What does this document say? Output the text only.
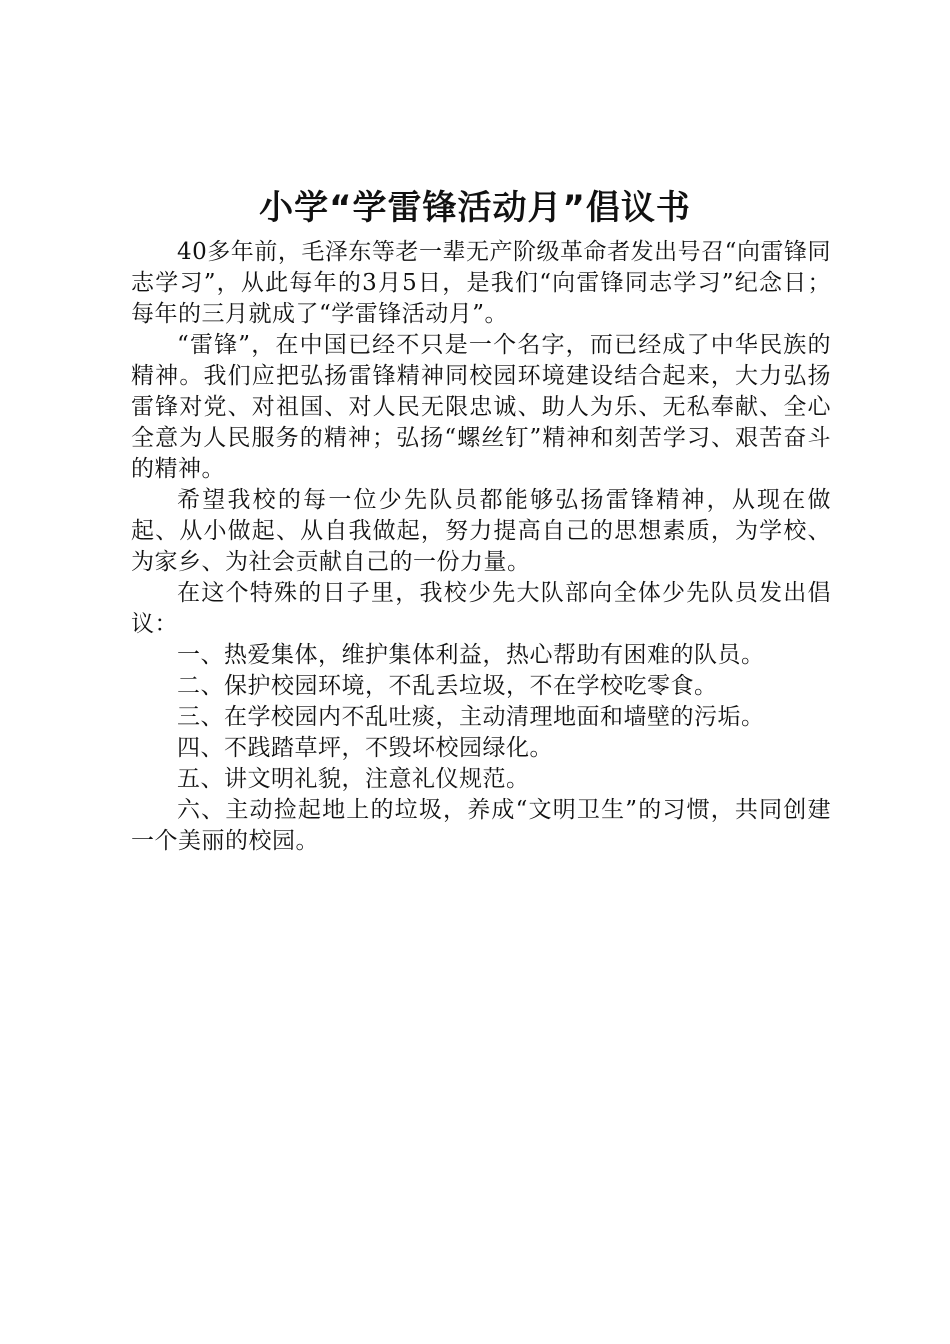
小学“学雷锋活动月”倡议书

40多年前，毛泽东等老一辈无产阶级革命者发出号召“向雷锋同志学习”，从此每年的3月5日，是我们“向雷锋同志学习”纪念日；每年的三月就成了“学雷锋活动月”。

“雷锋”，在中国已经不只是一个名字，而已经成了中华民族的精神。我们应把弘扬雷锋精神同校园环境建设结合起来，大力弘扬雷锋对党、对祖国、对人民无限忠诚、助人为乐、无私奉献、全心全意为人民服务的精神；弘扬“螺丝钉”精神和刻苦学习、艰苦奋斗的精神。

希望我校的每一位少先队员都能够弘扬雷锋精神，从现在做起、从小做起、从自我做起，努力提高自己的思想素质，为学校、为家乡、为社会贡献自己的一份力量。

在这个特殊的日子里，我校少先大队部向全体少先队员发出倡议：

一、热爱集体，维护集体利益，热心帮助有困难的队员。

二、保护校园环境，不乱丢垃圾，不在学校吃零食。

三、在学校园内不乱吐痰，主动清理地面和墙壁的污垢。

四、不践踏草坪，不毁坏校园绿化。

五、讲文明礼貌，注意礼仪规范。

六、主动捡起地上的垃圾，养成“文明卫生”的习惯，共同创建一个美丽的校园。
